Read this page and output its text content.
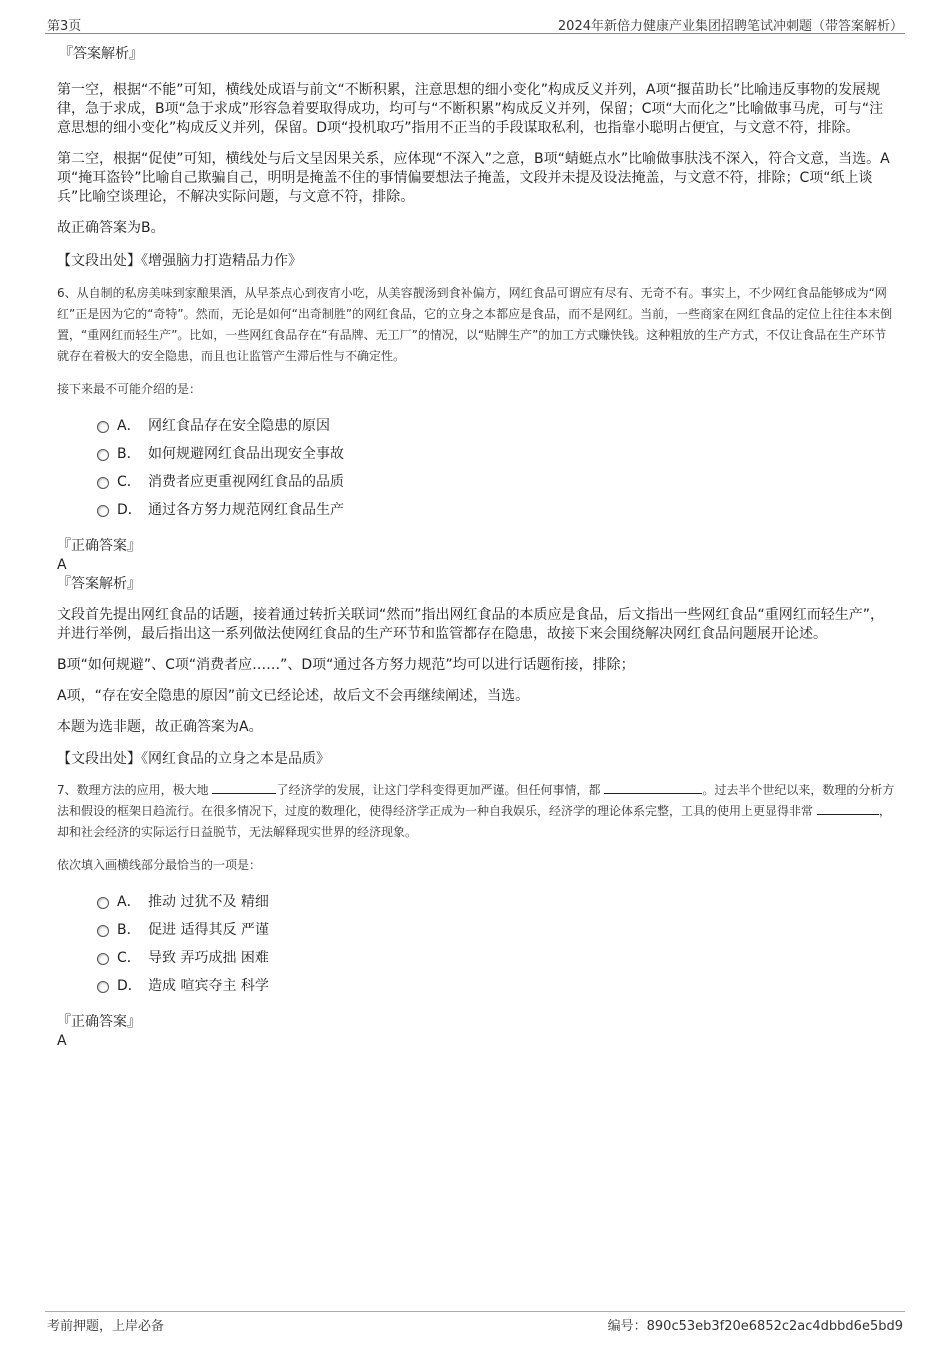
第3页	2024年新倍力健康产业集团招聘笔试冲刺题（带答案解析）
『答案解析』
第一空，根据“不能”可知，横线处成语与前文“不断积累，注意思想的细小变化”构成反义并列，A项“揠苗助长”比喻违反事物的发展规律，急于求成，B项“急于求成”形容急着要取得成功，均可与“不断积累”构成反义并列，保留；C项“大而化之”比喻做事马虎，可与“注意思想的细小变化”构成反义并列，保留。D项“投机取巧”指用不正当的手段谋取私利，也指靠小聪明占便宜，与文意不符，排除。
第二空，根据“促使”可知，横线处与后文呈因果关系，应体现“不深入”之意，B项“蜻蜓点水”比喻做事肤浅不深入，符合文意，当选。A项“掩耳盗铃”比喻自己欺骗自己，明明是掩盖不住的事情偏要想法子掩盖，文段并未提及设法掩盖，与文意不符，排除；C项“纸上谈兵”比喻空谈理论，不解决实际问题，与文意不符，排除。
故正确答案为B。
【文段出处】《增强脑力打造精品力作》
6、从自制的私房美味到家酿果酒，从早茶点心到夜宵小吃，从美容靓汤到食补偏方，网红食品可谓应有尽有、无奇不有。事实上，不少网红食品能够成为“网红”正是因为它的“奇特”。然而，无论是如何“出奇制胜”的网红食品，它的立身之本都应是食品，而不是网红。当前，一些商家在网红食品的定位上往往本末倒置，“重网红而轻生产”。比如，一些网红食品存在“有品牌、无工厂”的情况，以“贴牌生产”的加工方式赚快钱。这种粗放的生产方式，不仅让食品在生产环节就存在着极大的安全隐患，而且也让监管产生滞后性与不确定性。
接下来最不可能介绍的是：
A． 网红食品存在安全隐患的原因
B． 如何规避网红食品出现安全事故
C． 消费者应更重视网红食品的品质
D． 通过各方努力规范网红食品生产
『正确答案』
A
『答案解析』
文段首先提出网红食品的话题，接着通过转折关联词“然而”指出网红食品的本质应是食品，后文指出一些网红食品“重网红而轻生产”，并进行举例，最后指出这一系列做法使网红食品的生产环节和监管都存在隐患，故接下来会围绕解决网红食品问题展开论述。
B项“如何规避”、C项“消费者应……”、D项“通过各方努力规范”均可以进行话题衔接，排除；
A项，“存在安全隐患的原因”前文已经论述，故后文不会再继续阐述，当选。
本题为选非题，故正确答案为A。
【文段出处】《网红食品的立身之本是品质》
7、数理方法的应用，极大地	了经济学的发展，让这门学科变得更加严谨。但任何事情，都	。过去半个世纪以来，数理的分析方法和假设的框架日趋流行。在很多情况下，过度的数理化，使得经济学正成为一种自我娱乐，经济学的理论体系完整，工具的使用上更显得非常	，却和社会经济的实际运行日益脱节，无法解释现实世界的经济现象。
依次填入画横线部分最恰当的一项是：
A． 推动 过犹不及 精细
B． 促进 适得其反 严谨
C． 导致 弄巧成拙 困难
D． 造成 喧宾夺主 科学
『正确答案』
A
考前押题，上岸必备	编号：890c53eb3f20e6852c2ac4dbbd6e5bd9
